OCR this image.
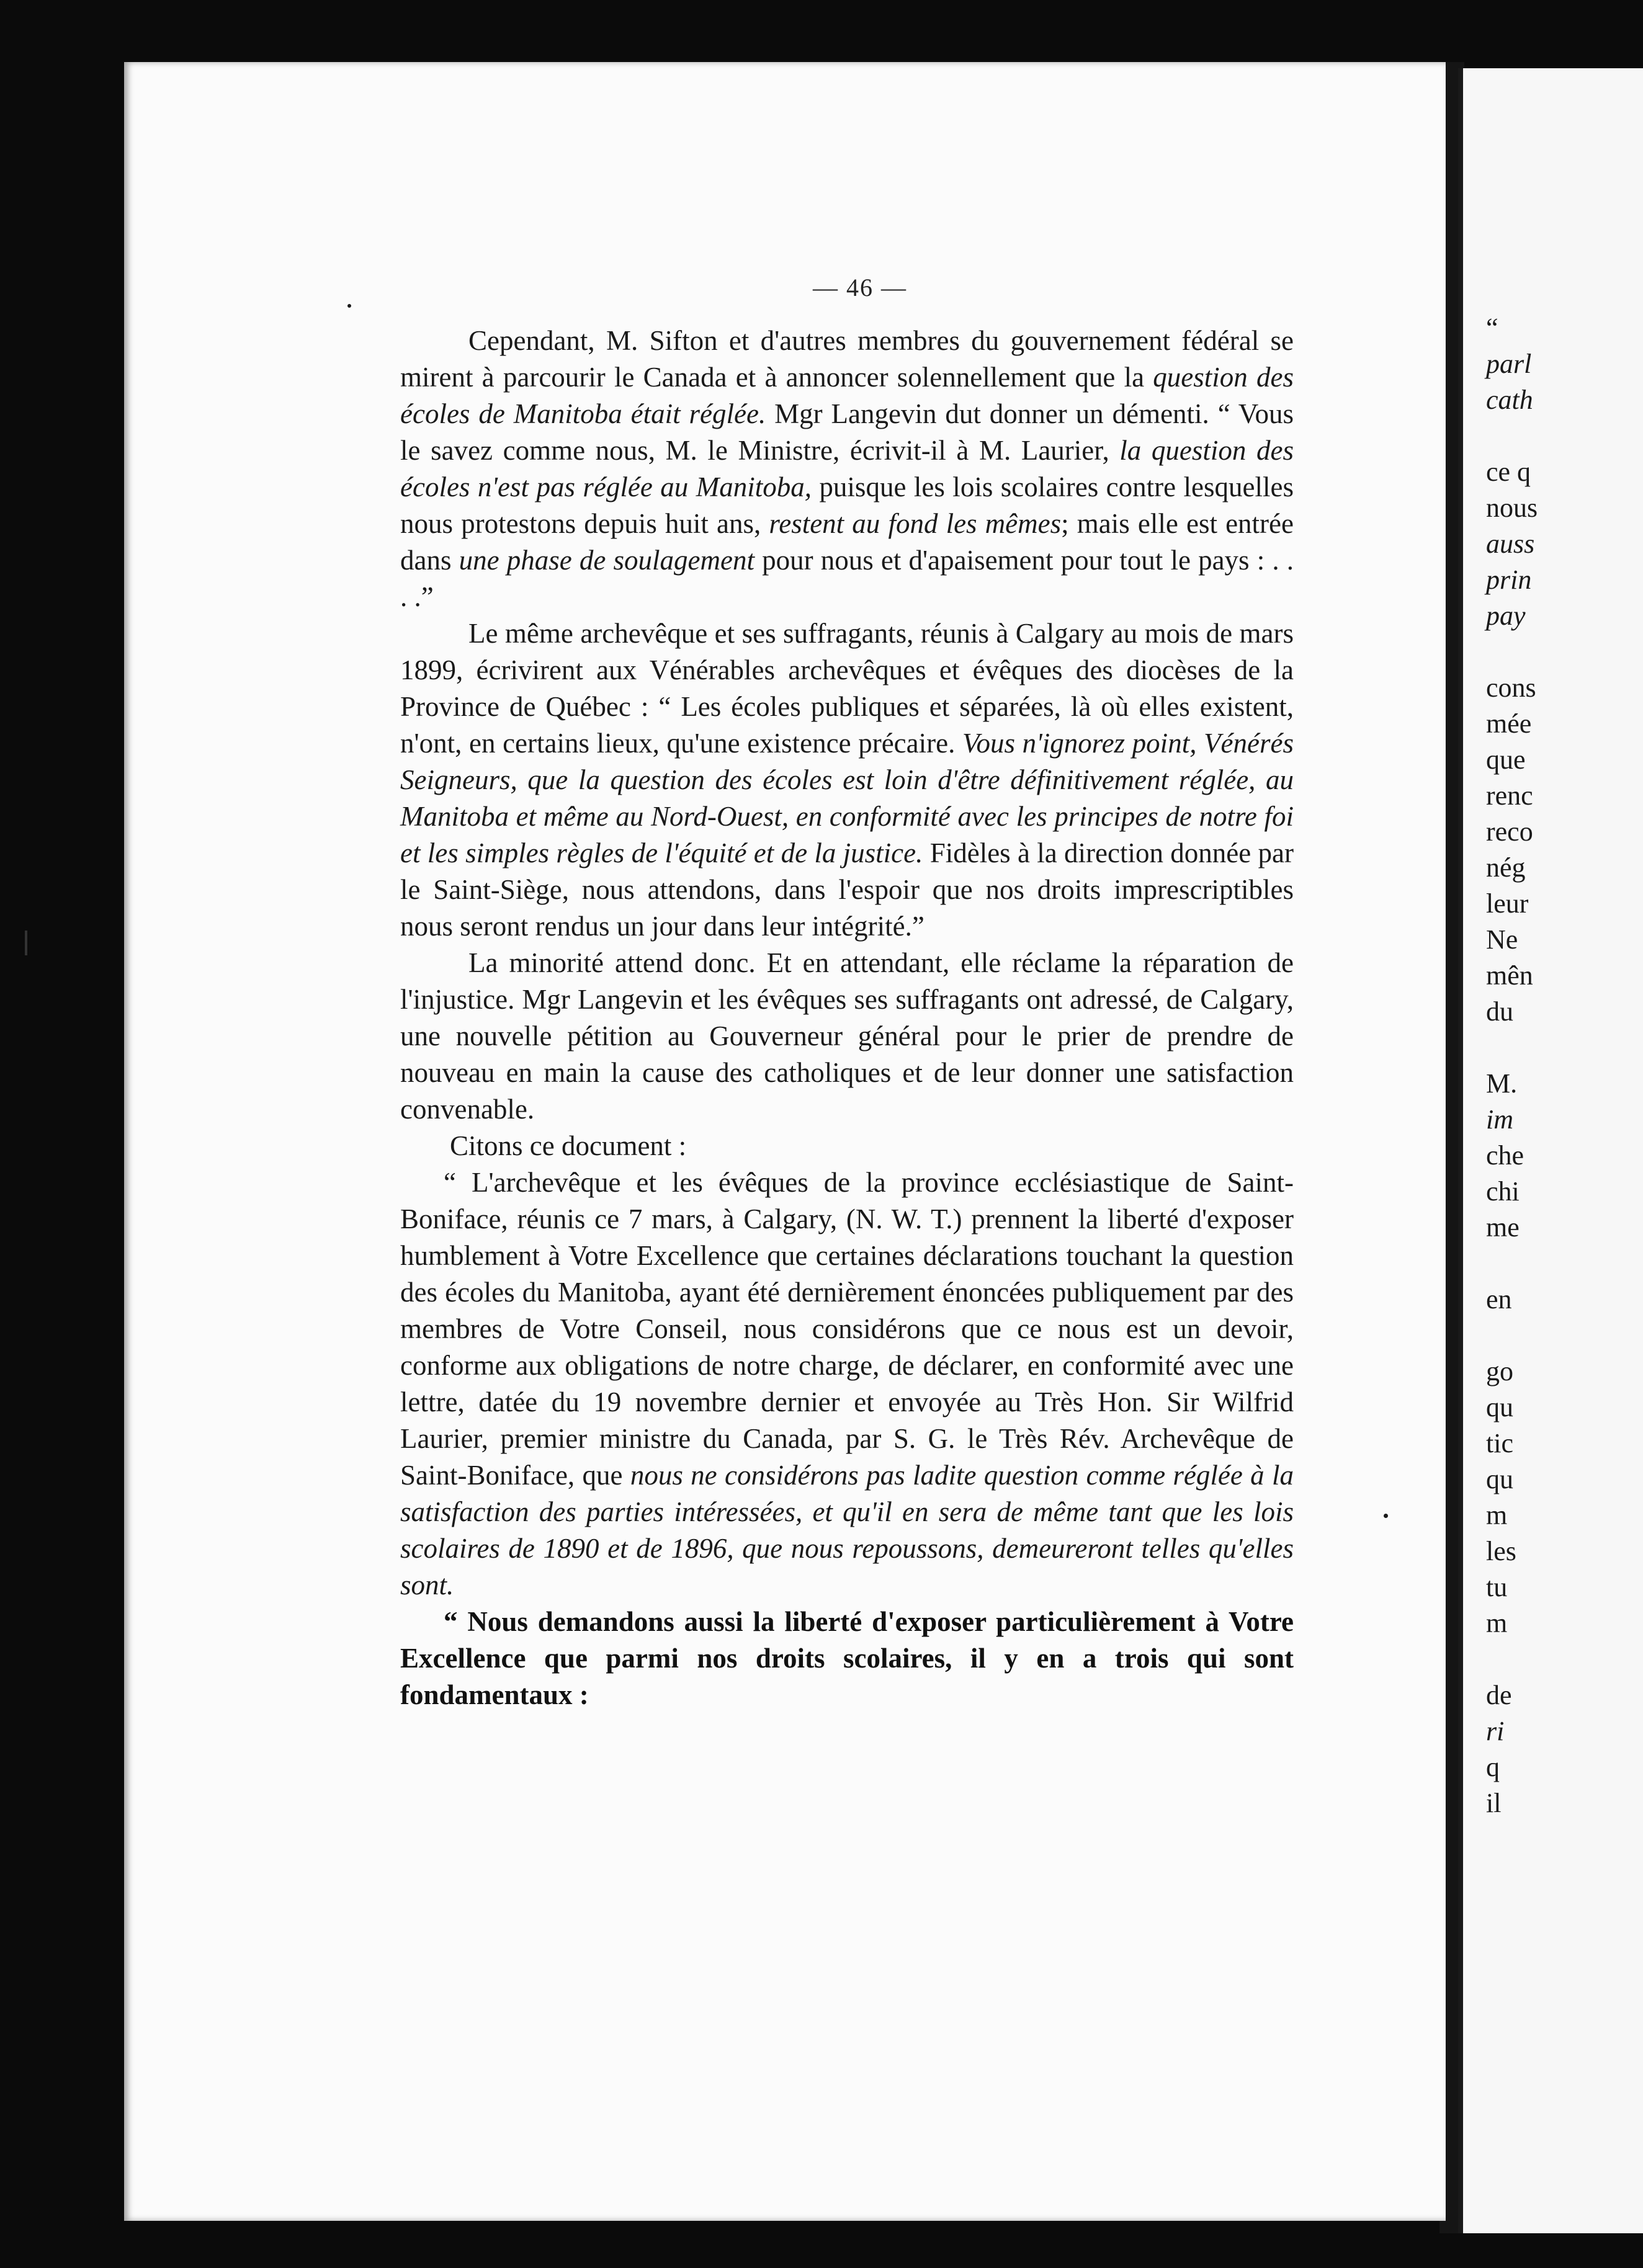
— 46 —

Cependant, M. Sifton et d'autres membres du gouvernement fédéral se mirent à parcourir le Canada et à annoncer solennellement que la question des écoles de Manitoba était réglée. Mgr Langevin dut donner un démenti. “ Vous le savez comme nous, M. le Ministre, écrivit-il à M. Laurier, la question des écoles n'est pas réglée au Manitoba, puisque les lois scolaires contre lesquelles nous protestons depuis huit ans, restent au fond les mêmes; mais elle est entrée dans une phase de soulagement pour nous et d'apaisement pour tout le pays : . . . .”

Le même archevêque et ses suffragants, réunis à Calgary au mois de mars 1899, écrivirent aux Vénérables archevêques et évêques des diocèses de la Province de Québec : “ Les écoles publiques et séparées, là où elles existent, n'ont, en certains lieux, qu'une existence précaire. Vous n'ignorez point, Vénérés Seigneurs, que la question des écoles est loin d'être définitivement réglée, au Manitoba et même au Nord-Ouest, en conformité avec les principes de notre foi et les simples règles de l'équité et de la justice. Fidèles à la direction donnée par le Saint-Siège, nous attendons, dans l'espoir que nos droits imprescriptibles nous seront rendus un jour dans leur intégrité.”

La minorité attend donc. Et en attendant, elle réclame la réparation de l'injustice. Mgr Langevin et les évêques ses suffragants ont adressé, de Calgary, une nouvelle pétition au Gouverneur général pour le prier de prendre de nouveau en main la cause des catholiques et de leur donner une satisfaction convenable.

Citons ce document :

“ L'archevêque et les évêques de la province ecclésiastique de Saint-Boniface, réunis ce 7 mars, à Calgary, (N. W. T.) prennent la liberté d'exposer humblement à Votre Excellence que certaines déclarations touchant la question des écoles du Manitoba, ayant été dernièrement énoncées publiquement par des membres de Votre Conseil, nous considérons que ce nous est un devoir, conforme aux obligations de notre charge, de déclarer, en conformité avec une lettre, datée du 19 novembre dernier et envoyée au Très Hon. Sir Wilfrid Laurier, premier ministre du Canada, par S. G. le Très Rév. Archevêque de Saint-Boniface, que nous ne considérons pas ladite question comme réglée à la satisfaction des parties intéressées, et qu'il en sera de même tant que les lois scolaires de 1890 et de 1896, que nous repoussons, demeureront telles qu'elles sont.

“ Nous demandons aussi la liberté d'exposer particulièrement à Votre Excellence que parmi nos droits scolaires, il y en a trois qui sont fondamentaux :

“
parl
cath
ce q
nous
auss
prin
pay
cons
mée
que
renc
reco
nég
leur
Ne
mên
du
M.
im
che
chi
me
en
go
qu
tic
qu
m
les
tu
m
de
ri
q
il
